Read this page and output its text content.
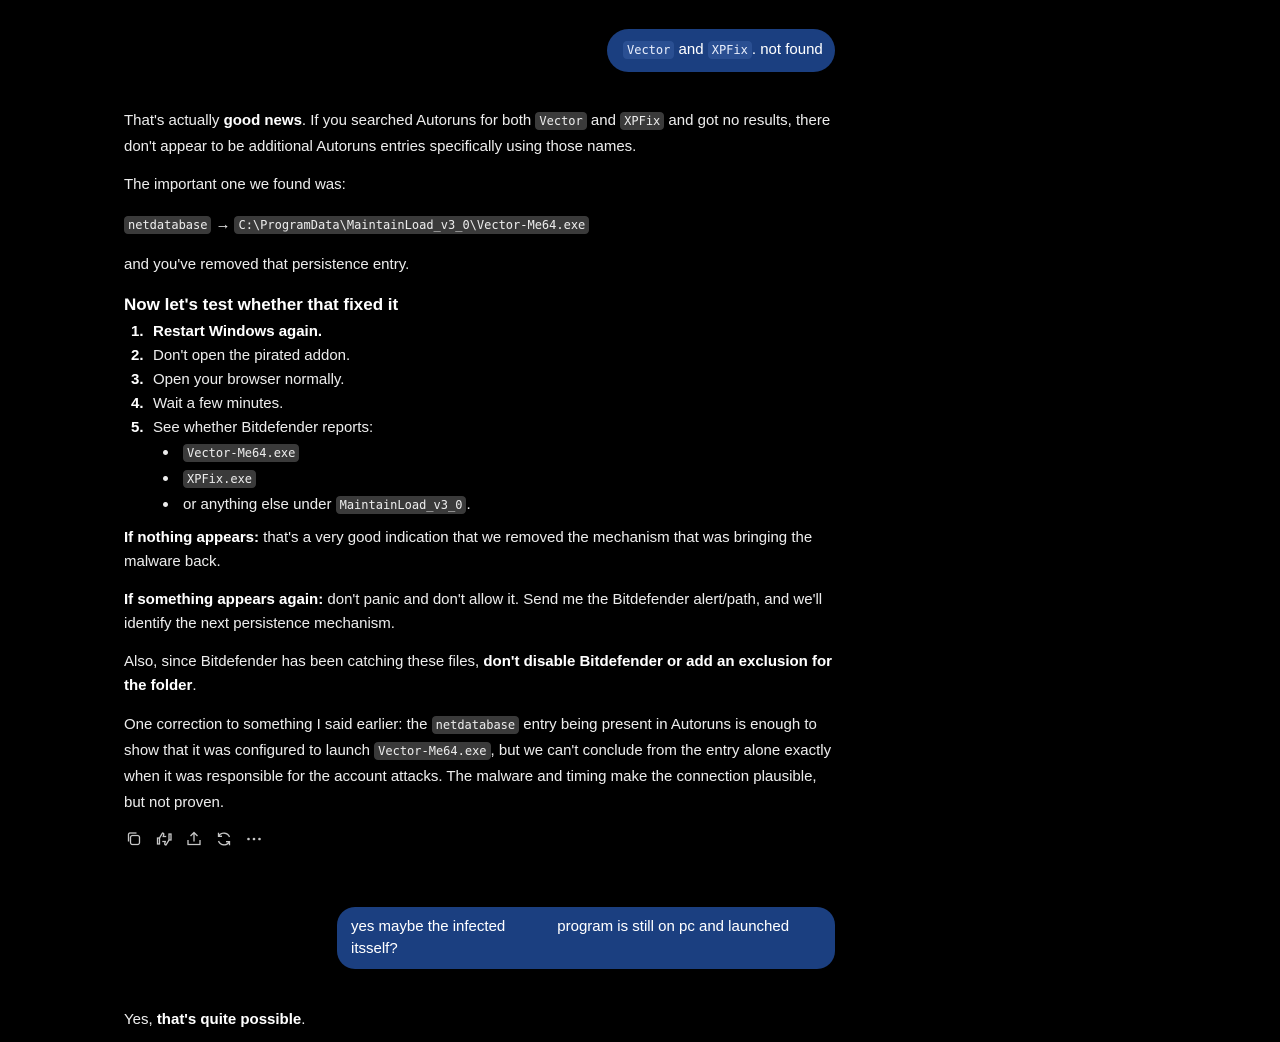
Vector and XPFix . not found

That's actually good news. If you searched Autoruns for both Vector and XPFix and got no results, there don't appear to be additional Autoruns entries specifically using those names.

The important one we found was:

netdatabase → C:\ProgramData\MaintainLoad_v3_0\Vector-Me64.exe

and you've removed that persistence entry.

Now let's test whether that fixed it
1. Restart Windows again.
2. Don't open the pirated addon.
3. Open your browser normally.
4. Wait a few minutes.
5. See whether Bitdefender reports:
Vector-Me64.exe
XPFix.exe
or anything else under MaintainLoad_v3_0 .

If nothing appears: that's a very good indication that we removed the mechanism that was bringing the malware back.

If something appears again: don't panic and don't allow it. Send me the Bitdefender alert/path, and we'll identify the next persistence mechanism.

Also, since Bitdefender has been catching these files, don't disable Bitdefender or add an exclusion for the folder.

One correction to something I said earlier: the netdatabase entry being present in Autoruns is enough to show that it was configured to launch Vector-Me64.exe , but we can't conclude from the entry alone exactly when it was responsible for the account attacks. The malware and timing make the connection plausible, but not proven.

yes maybe the infected	program is still on pc and launched itsself?
Yes, that's quite possible.
